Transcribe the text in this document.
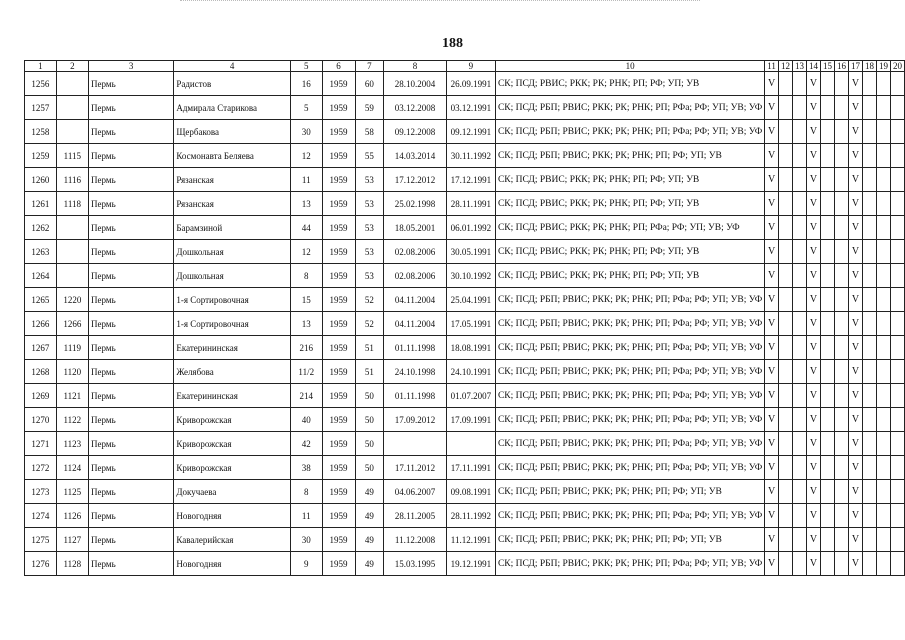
188
1	2	3	4	5	6	7	8	9	10	11	12	13	14	15	16	17	18	19	20
1256		Пермь	Радистов	16	1959	60	28.10.2004	26.09.1991	СК; ПСД; РВИС; РКК; РК; РНК; РП; РФ; УП; УВ	V			V			V			
1257		Пермь	Адмирала Старикова	5	1959	59	03.12.2008	03.12.1991	СК; ПСД; РБП; РВИС; РКК; РК; РНК; РП; РФа; РФ; УП; УВ; УФ	V			V			V			
1258		Пермь	Щербакова	30	1959	58	09.12.2008	09.12.1991	СК; ПСД; РБП; РВИС; РКК; РК; РНК; РП; РФа; РФ; УП; УВ; УФ	V			V			V			
1259	1115	Пермь	Космонавта Беляева	12	1959	55	14.03.2014	30.11.1992	СК; ПСД; РБП; РВИС; РКК; РК; РНК; РП; РФ; УП; УВ	V			V			V			
1260	1116	Пермь	Рязанская	11	1959	53	17.12.2012	17.12.1991	СК; ПСД; РВИС; РКК; РК; РНК; РП; РФ; УП; УВ	V			V			V			
1261	1118	Пермь	Рязанская	13	1959	53	25.02.1998	28.11.1991	СК; ПСД; РВИС; РКК; РК; РНК; РП; РФ; УП; УВ	V			V			V			
1262		Пермь	Барамзиной	44	1959	53	18.05.2001	06.01.1992	СК; ПСД; РВИС; РКК; РК; РНК; РП; РФа; РФ; УП; УВ; УФ	V			V			V			
1263		Пермь	Дошкольная	12	1959	53	02.08.2006	30.05.1991	СК; ПСД; РВИС; РКК; РК; РНК; РП; РФ; УП; УВ	V			V			V			
1264		Пермь	Дошкольная	8	1959	53	02.08.2006	30.10.1992	СК; ПСД; РВИС; РКК; РК; РНК; РП; РФ; УП; УВ	V			V			V			
1265	1220	Пермь	1-я Сортировочная	15	1959	52	04.11.2004	25.04.1991	СК; ПСД; РБП; РВИС; РКК; РК; РНК; РП; РФа; РФ; УП; УВ; УФ	V			V			V			
1266	1266	Пермь	1-я Сортировочная	13	1959	52	04.11.2004	17.05.1991	СК; ПСД; РБП; РВИС; РКК; РК; РНК; РП; РФа; РФ; УП; УВ; УФ	V			V			V			
1267	1119	Пермь	Екатерининская	216	1959	51	01.11.1998	18.08.1991	СК; ПСД; РБП; РВИС; РКК; РК; РНК; РП; РФа; РФ; УП; УВ; УФ	V			V			V			
1268	1120	Пермь	Желябова	11/2	1959	51	24.10.1998	24.10.1991	СК; ПСД; РБП; РВИС; РКК; РК; РНК; РП; РФа; РФ; УП; УВ; УФ	V			V			V			
1269	1121	Пермь	Екатерининская	214	1959	50	01.11.1998	01.07.2007	СК; ПСД; РБП; РВИС; РКК; РК; РНК; РП; РФа; РФ; УП; УВ; УФ	V			V			V			
1270	1122	Пермь	Криворожская	40	1959	50	17.09.2012	17.09.1991	СК; ПСД; РБП; РВИС; РКК; РК; РНК; РП; РФа; РФ; УП; УВ; УФ	V			V			V			
1271	1123	Пермь	Криворожская	42	1959	50			СК; ПСД; РБП; РВИС; РКК; РК; РНК; РП; РФа; РФ; УП; УВ; УФ	V			V			V			
1272	1124	Пермь	Криворожская	38	1959	50	17.11.2012	17.11.1991	СК; ПСД; РБП; РВИС; РКК; РК; РНК; РП; РФа; РФ; УП; УВ; УФ	V			V			V			
1273	1125	Пермь	Докучаева	8	1959	49	04.06.2007	09.08.1991	СК; ПСД; РБП; РВИС; РКК; РК; РНК; РП; РФ; УП; УВ	V			V			V			
1274	1126	Пермь	Новогодняя	11	1959	49	28.11.2005	28.11.1992	СК; ПСД; РБП; РВИС; РКК; РК; РНК; РП; РФа; РФ; УП; УВ; УФ	V			V			V			
1275	1127	Пермь	Кавалерийская	30	1959	49	11.12.2008	11.12.1991	СК; ПСД; РБП; РВИС; РКК; РК; РНК; РП; РФ; УП; УВ	V			V			V			
1276	1128	Пермь	Новогодняя	9	1959	49	15.03.1995	19.12.1991	СК; ПСД; РБП; РВИС; РКК; РК; РНК; РП; РФа; РФ; УП; УВ; УФ	V			V			V			
